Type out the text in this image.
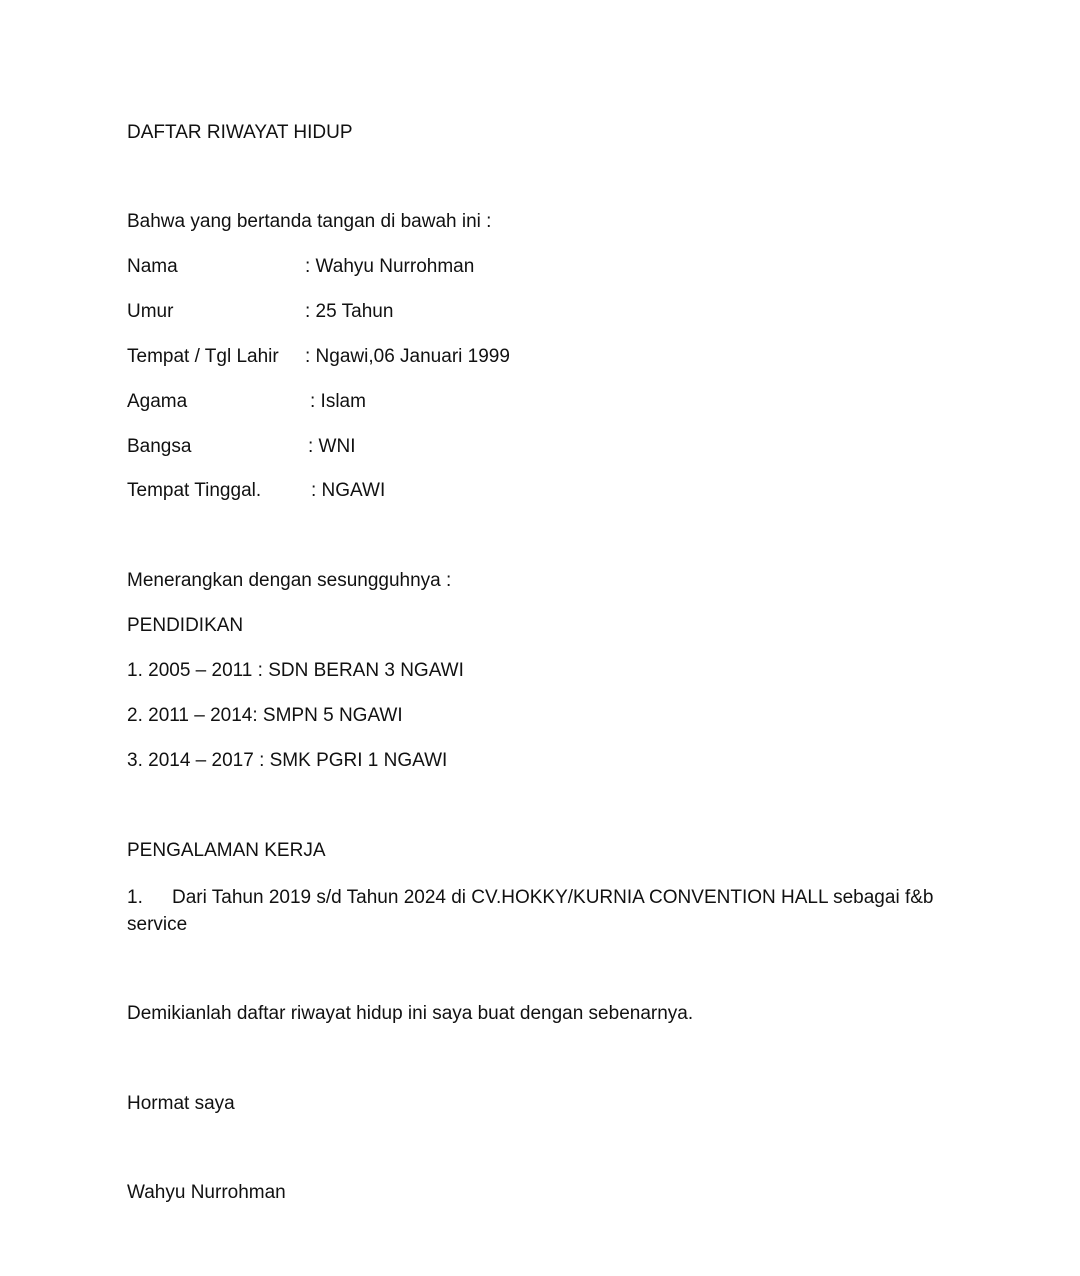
DAFTAR RIWAYAT HIDUP
Bahwa yang bertanda tangan di bawah ini :
Nama	: Wahyu Nurrohman
Umur	: 25 Tahun
Tempat / Tgl Lahir : Ngawi,06 Januari 1999
Agama	: Islam
Bangsa	: WNI
Tempat Tinggal.	: NGAWI
Menerangkan dengan sesungguhnya :
PENDIDIKAN
1. 2005 – 2011 : SDN BERAN 3 NGAWI
2. 2011 – 2014: SMPN 5 NGAWI
3. 2014 – 2017 : SMK PGRI 1 NGAWI
PENGALAMAN KERJA
1. Dari Tahun 2019 s/d Tahun 2024 di CV.HOKKY/KURNIA CONVENTION HALL sebagai f&b service
Demikianlah daftar riwayat hidup ini saya buat dengan sebenarnya.
Hormat saya
Wahyu Nurrohman
